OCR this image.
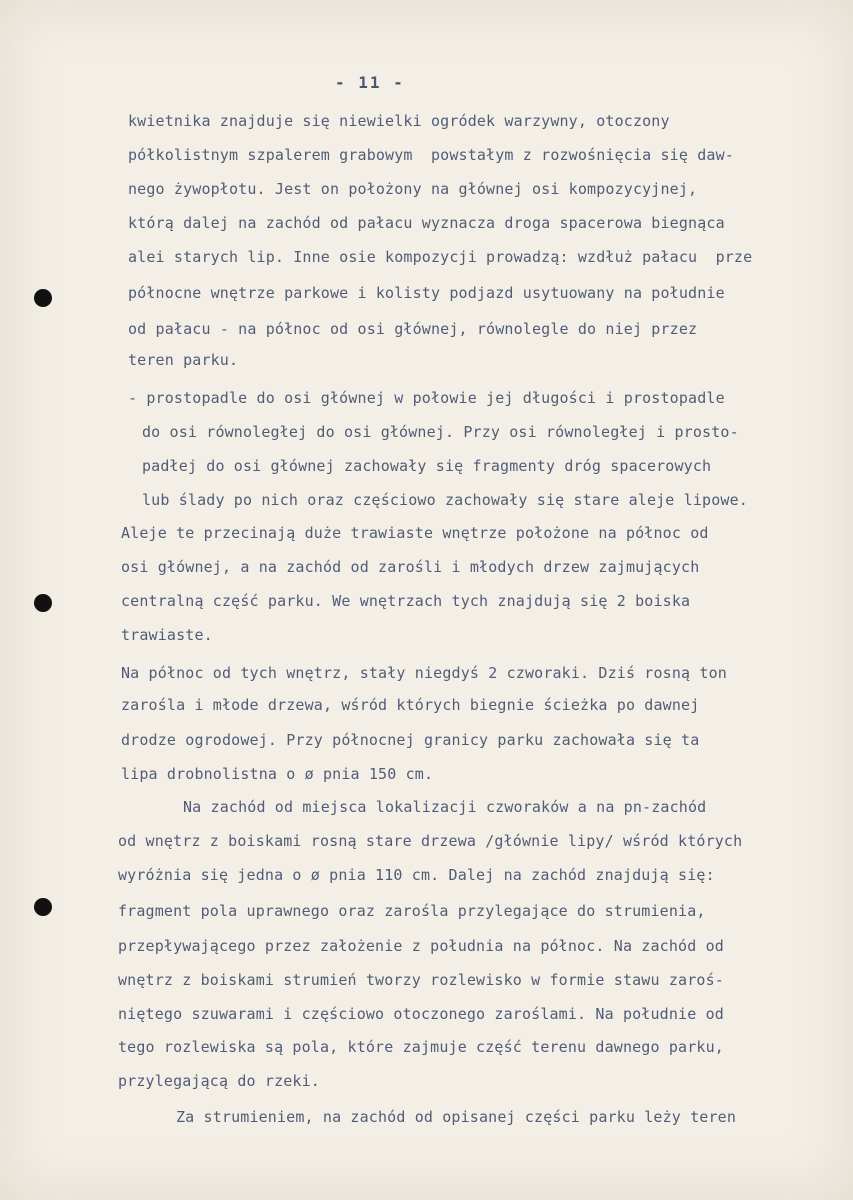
- 11 -
kwietnika znajduje się niewielki ogródek warzywny, otoczony
półkolistnym szpalerem grabowym  powstałym z rozwośnięcia się daw-
nego żywopłotu. Jest on położony na głównej osi kompozycyjnej,
którą dalej na zachód od pałacu wyznacza droga spacerowa biegnąca
alei starych lip. Inne osie kompozycji prowadzą: wzdłuż pałacu  prze
północne wnętrze parkowe i kolisty podjazd usytuowany na południe
od pałacu - na północ od osi głównej, równolegle do niej przez
teren parku.
- prostopadle do osi głównej w połowie jej długości i prostopadle
do osi równoległej do osi głównej. Przy osi równoległej i prosto-
padłej do osi głównej zachowały się fragmenty dróg spacerowych
lub ślady po nich oraz częściowo zachowały się stare aleje lipowe.
Aleje te przecinają duże trawiaste wnętrze położone na północ od
osi głównej, a na zachód od zarośli i młodych drzew zajmujących
centralną część parku. We wnętrzach tych znajdują się 2 boiska
trawiaste.
Na północ od tych wnętrz, stały niegdyś 2 czworaki. Dziś rosną ton
zarośla i młode drzewa, wśród których biegnie ścieżka po dawnej
drodze ogrodowej. Przy północnej granicy parku zachowała się ta
lipa drobnolistna o ø pnia 150 cm.
Na zachód od miejsca lokalizacji czworaków a na pn-zachód
od wnętrz z boiskami rosną stare drzewa /głównie lipy/ wśród których
wyróżnia się jedna o ø pnia 110 cm. Dalej na zachód znajdują się:
fragment pola uprawnego oraz zarośla przylegające do strumienia,
przepływającego przez założenie z południa na północ. Na zachód od
wnętrz z boiskami strumień tworzy rozlewisko w formie stawu zaroś-
niętego szuwarami i częściowo otoczonego zaroślami. Na południe od
tego rozlewiska są pola, które zajmuje część terenu dawnego parku,
przylegającą do rzeki.
Za strumieniem, na zachód od opisanej części parku leży teren
